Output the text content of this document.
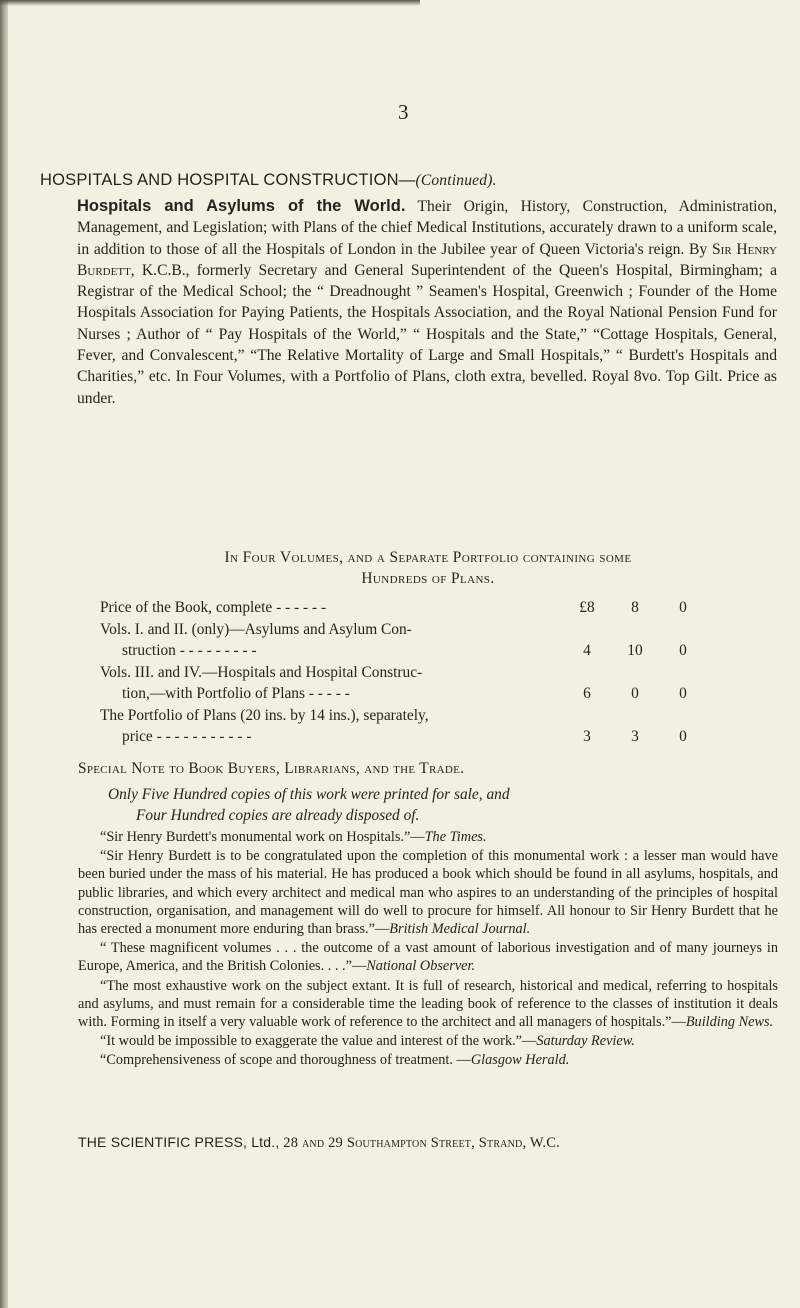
3
HOSPITALS AND HOSPITAL CONSTRUCTION—(Continued).
Hospitals and Asylums of the World. Their Origin, History, Construction, Administration, Management, and Legislation; with Plans of the chief Medical Institutions, accurately drawn to a uniform scale, in addition to those of all the Hospitals of London in the Jubilee year of Queen Victoria's reign. By Sir Henry Burdett, K.C.B., formerly Secretary and General Superintendent of the Queen's Hospital, Birmingham; a Registrar of the Medical School; the “ Dreadnought ” Seamen's Hospital, Greenwich ; Founder of the Home Hospitals Association for Paying Patients, the Hospitals Association, and the Royal National Pension Fund for Nurses ; Author of “ Pay Hospitals of the World,” “ Hospitals and the State,” “Cottage Hospitals, General, Fever, and Convalescent,” “The Relative Mortality of Large and Small Hospitals,” “ Burdett's Hospitals and Charities,” etc. In Four Volumes, with a Portfolio of Plans, cloth extra, bevelled. Royal 8vo. Top Gilt. Price as under.
In Four Volumes, and a Separate Portfolio containing some
Hundreds of Plans.
Price of the Book, complete - - - - - -	£8	8	0
Vols. I. and II. (only)—Asylums and Asylum Con-
struction - - - - - - - - -	4	10	0
Vols. III. and IV.—Hospitals and Hospital Construc-
tion,—with Portfolio of Plans - - - - -	6	0	0
The Portfolio of Plans (20 ins. by 14 ins.), separately,
price - - - - - - - - - - -	3	3	0
Special Note to Book Buyers, Librarians, and the Trade.
Only Five Hundred copies of this work were printed for sale, and
Four Hundred copies are already disposed of.

“Sir Henry Burdett's monumental work on Hospitals.”—The Times.

“Sir Henry Burdett is to be congratulated upon the completion of this monumental work : a lesser man would have been buried under the mass of his material. He has produced a book which should be found in all asylums, hospitals, and public libraries, and which every architect and medical man who aspires to an understanding of the principles of hospital construction, organisation, and management will do well to procure for himself. All honour to Sir Henry Burdett that he has erected a monument more enduring than brass.”—British Medical Journal.

“ These magnificent volumes . . . the outcome of a vast amount of laborious investigation and of many journeys in Europe, America, and the British Colonies. . . .”—National Observer.

“The most exhaustive work on the subject extant. It is full of research, historical and medical, referring to hospitals and asylums, and must remain for a considerable time the leading book of reference to the classes of institution it deals with. Forming in itself a very valuable work of reference to the architect and all managers of hospitals.”—Building News.

“It would be impossible to exaggerate the value and interest of the work.”—Saturday Review.

“Comprehensiveness of scope and thoroughness of treatment. —Glasgow Herald.

THE SCIENTIFIC PRESS, Ltd., 28 and 29 Southampton Street, Strand, W.C.
